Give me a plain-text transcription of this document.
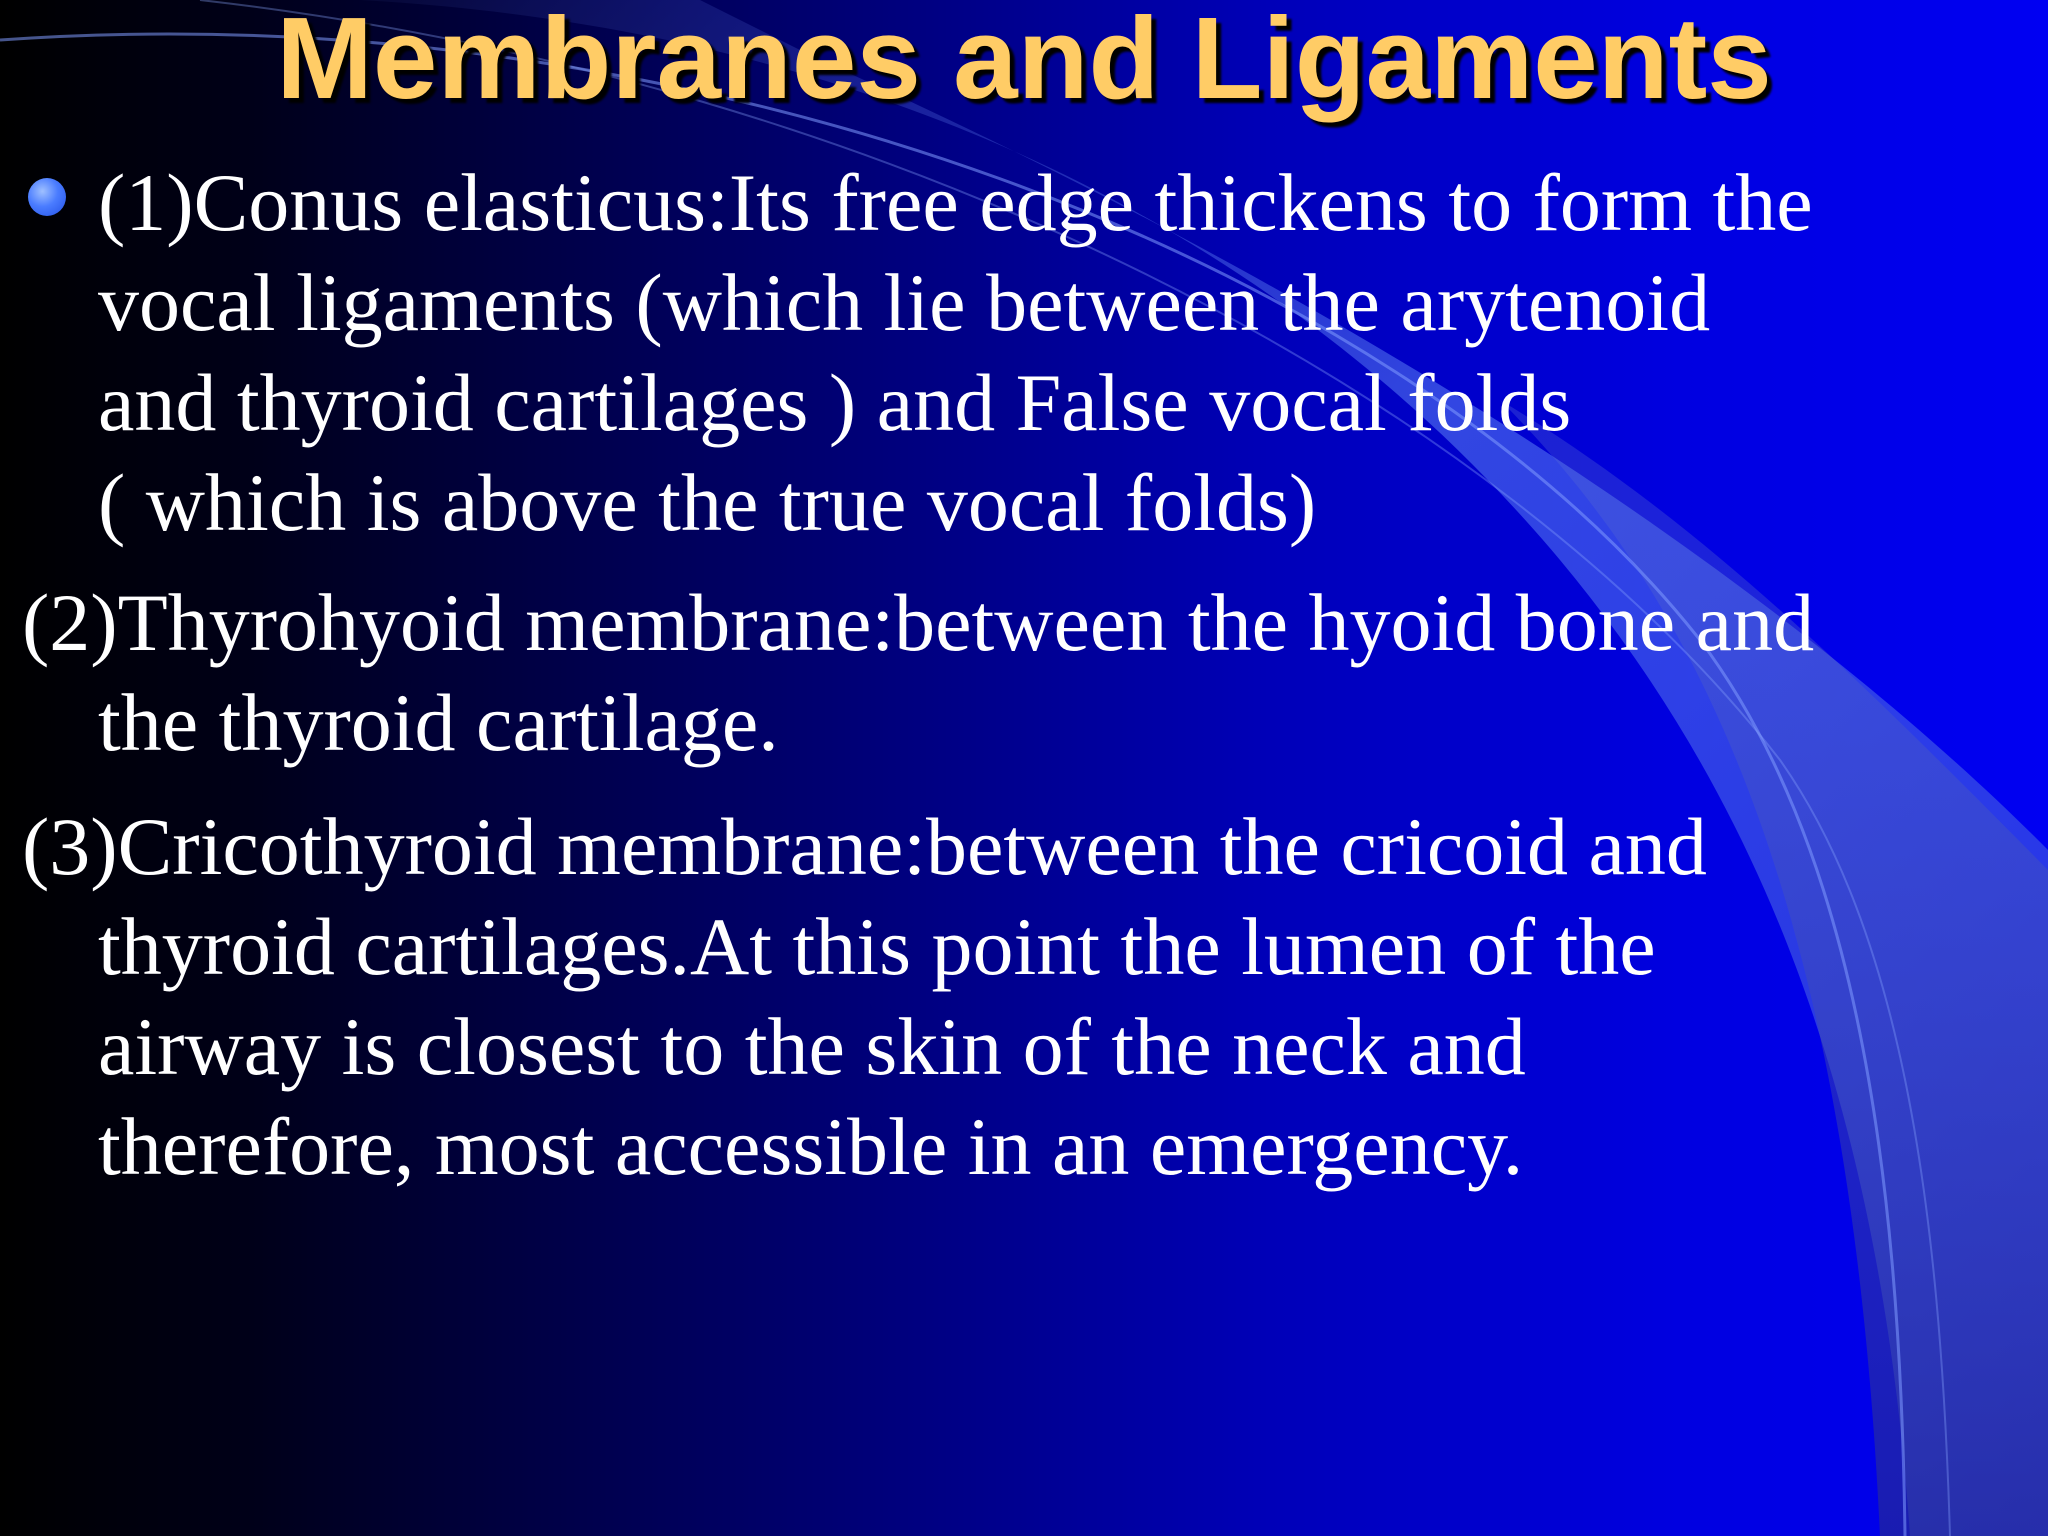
Membranes and Ligaments
(1)Conus elasticus:Its free edge thickens to form the
vocal ligaments (which lie between the arytenoid
and thyroid cartilages ) and False vocal folds
( which is above the true vocal folds)
(2)Thyrohyoid membrane:between the hyoid bone and
the thyroid cartilage.
(3)Cricothyroid membrane:between the cricoid and
thyroid cartilages.At this point the lumen of the
airway is closest to the skin of the neck and
therefore, most accessible in an emergency.
